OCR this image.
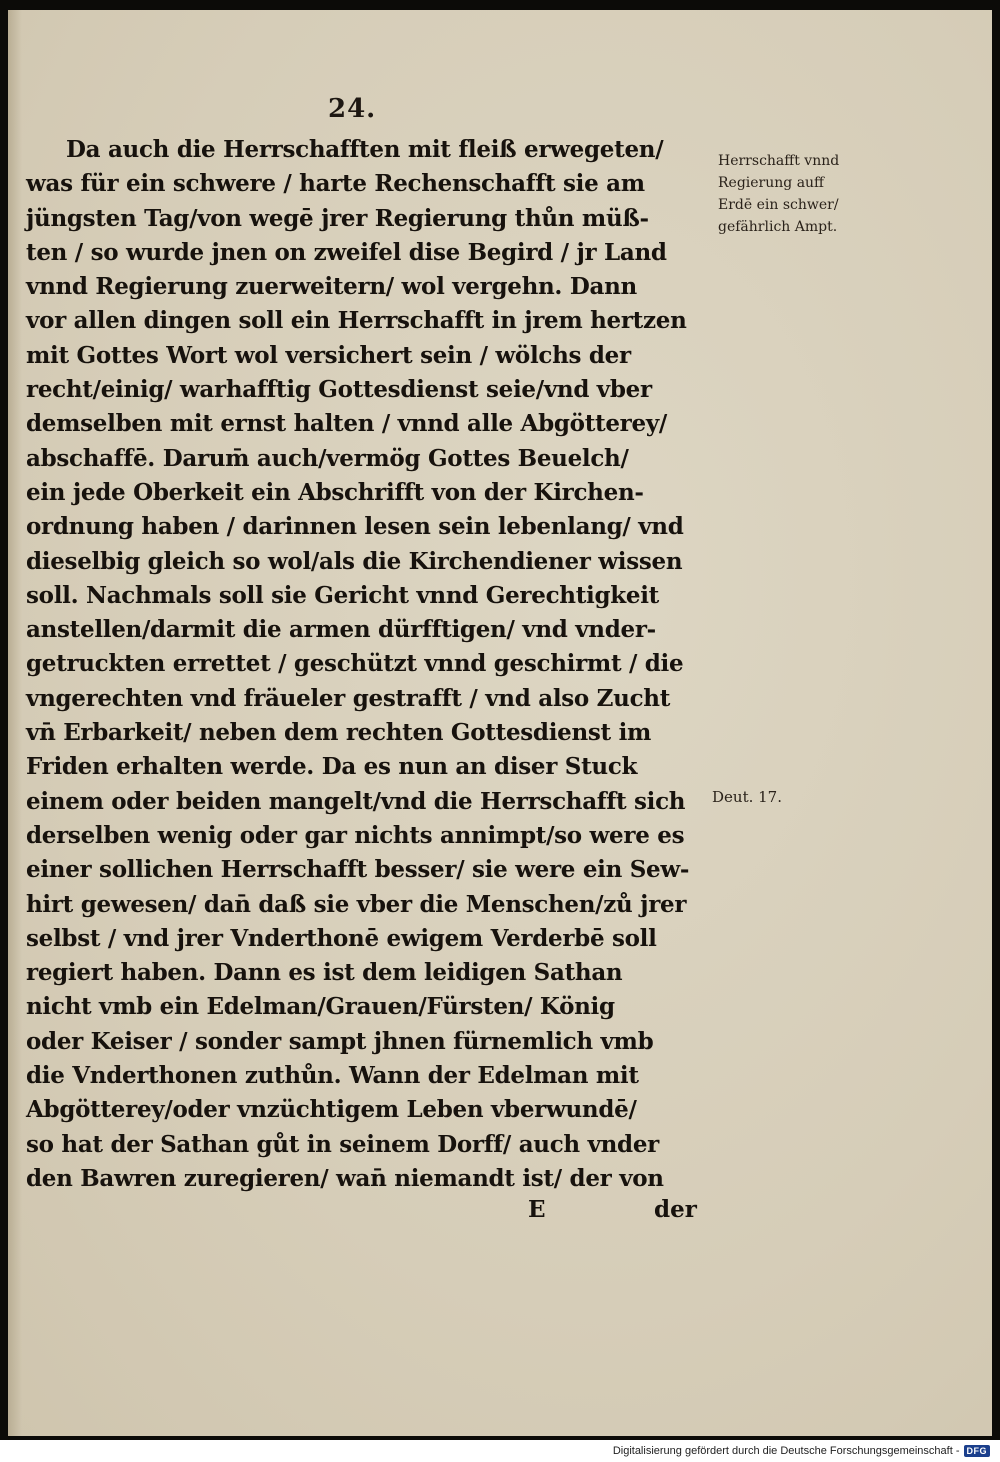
24.
Da auch die Herrschafften mit fleiß erwegeten/
was für ein schwere / harte Rechenschafft sie am
jüngsten Tag/von wegē jrer Regierung thůn müß-
ten / so wurde jnen on zweifel dise Begird / jr Land
vnnd Regierung zuerweitern/ wol vergehn. Dann
vor allen dingen soll ein Herrschafft in jrem hertzen
mit Gottes Wort wol versichert sein / wölchs der
recht/einig/ warhafftig Gottesdienst seie/vnd vber
demselben mit ernst halten / vnnd alle Abgötterey/
abschaffē. Darum̄ auch/vermög Gottes Beuelch/
ein jede Oberkeit ein Abschrifft von der Kirchen-
ordnung haben / darinnen lesen sein lebenlang/ vnd
dieselbig gleich so wol/als die Kirchendiener wissen
soll. Nachmals soll sie Gericht vnnd Gerechtigkeit
anstellen/darmit die armen dürfftigen/ vnd vnder-
getruckten errettet / geschützt vnnd geschirmt / die
vngerechten vnd fräueler gestrafft / vnd also Zucht
vn̄ Erbarkeit/ neben dem rechten Gottesdienst im
Friden erhalten werde. Da es nun an diser Stuck
einem oder beiden mangelt/vnd die Herrschafft sich
derselben wenig oder gar nichts annimpt/so were es
einer sollichen Herrschafft besser/ sie were ein Sew-
hirt gewesen/ dan̄ daß sie vber die Menschen/zů jrer
selbst / vnd jrer Vnderthonē ewigem Verderbē soll
regiert haben. Dann es ist dem leidigen Sathan
nicht vmb ein Edelman/Grauen/Fürsten/ König
oder Keiser / sonder sampt jhnen fürnemlich vmb
die Vnderthonen zuthůn. Wann der Edelman mit
Abgötterey/oder vnzüchtigem Leben vberwundē/
so hat der Sathan gůt in seinem Dorff/ auch vnder
den Bawren zuregieren/ wan̄ niemandt ist/ der von
Herrschafft vnnd
Regierung auff
Erdē ein schwer/
gefährlich Ampt.
Deut. 17.
E	der
Digitalisierung gefördert durch die Deutsche Forschungsgemeinschaft - DFG
